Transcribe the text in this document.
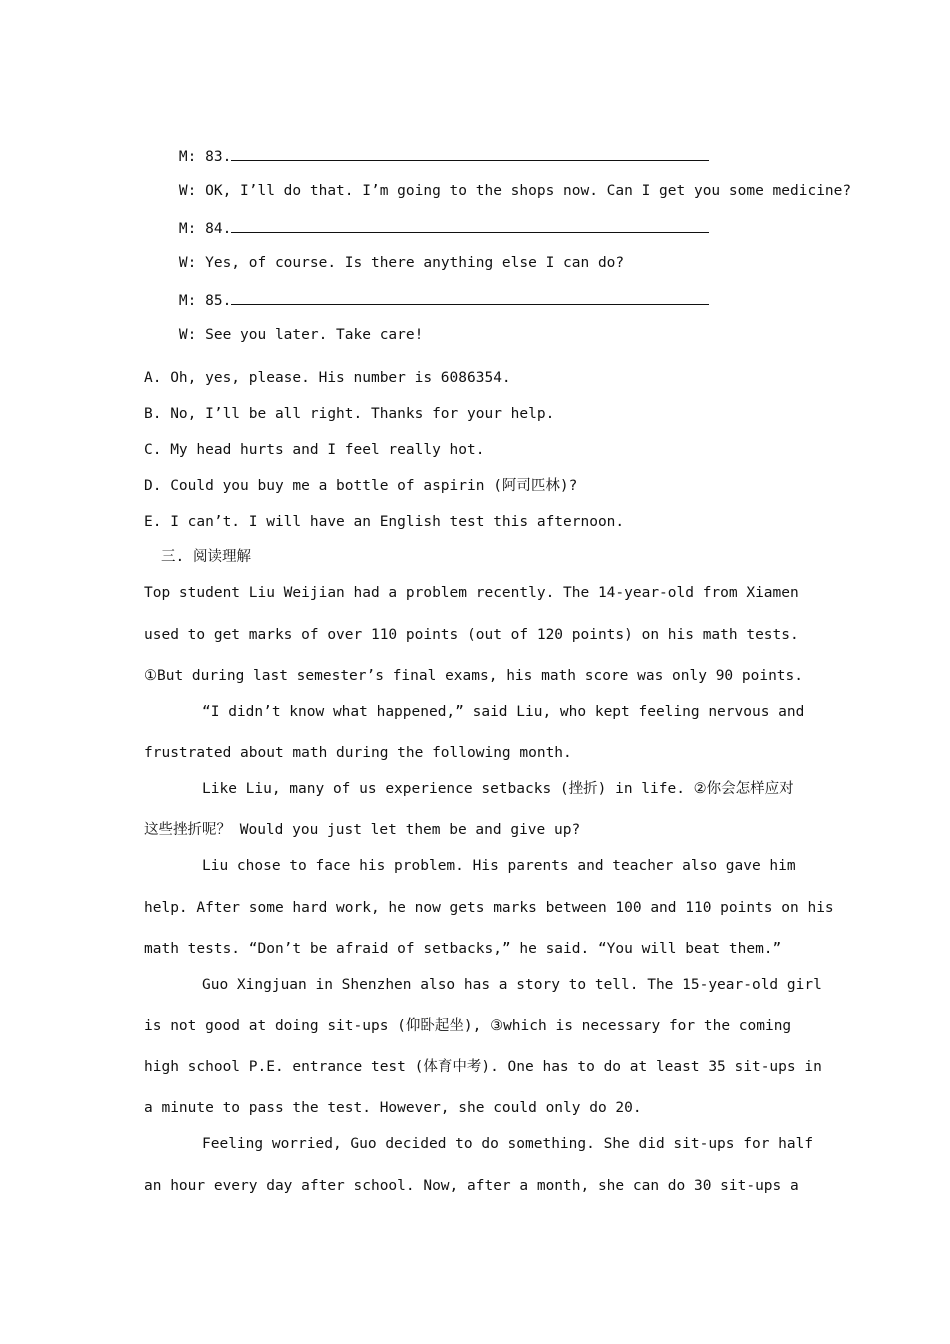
M: 83.

W: OK, I’ll do that. I’m going to the shops now. Can I get you some medicine?

M: 84.

W: Yes, of course. Is there anything else I can do?

M: 85.

W: See you later. Take care!

A. Oh, yes, please. His number is 6086354.
B. No, I’ll be all right. Thanks for your help.
C. My head hurts and I feel really hot.
D. Could you buy me a bottle of aspirin (阿司匹林)?
E. I can’t. I will have an English test this afternoon.
三. 阅读理解
Top student Liu Weijian had a problem recently. The 14-year-old from Xiamen
used to get marks of over 110 points (out of 120 points) on his math tests.
①But during last semester’s final exams, his math score was only 90 points.
“I didn’t know what happened,” said Liu, who kept feeling nervous and
frustrated about math during the following month.
Like Liu, many of us experience setbacks (挫折) in life. ②你会怎样应对
这些挫折呢？ Would you just let them be and give up?
Liu chose to face his problem. His parents and teacher also gave him
help. After some hard work, he now gets marks between 100 and 110 points on his
math tests. “Don’t be afraid of setbacks,” he said. “You will beat them.”
Guo Xingjuan in Shenzhen also has a story to tell. The 15-year-old girl
is not good at doing sit-ups (仰卧起坐), ③which is necessary for the coming
high school P.E. entrance test (体育中考). One has to do at least 35 sit-ups in
a minute to pass the test. However, she could only do 20.
Feeling worried, Guo decided to do something. She did sit-ups for half
an hour every day after school. Now, after a month, she can do 30 sit-ups a
